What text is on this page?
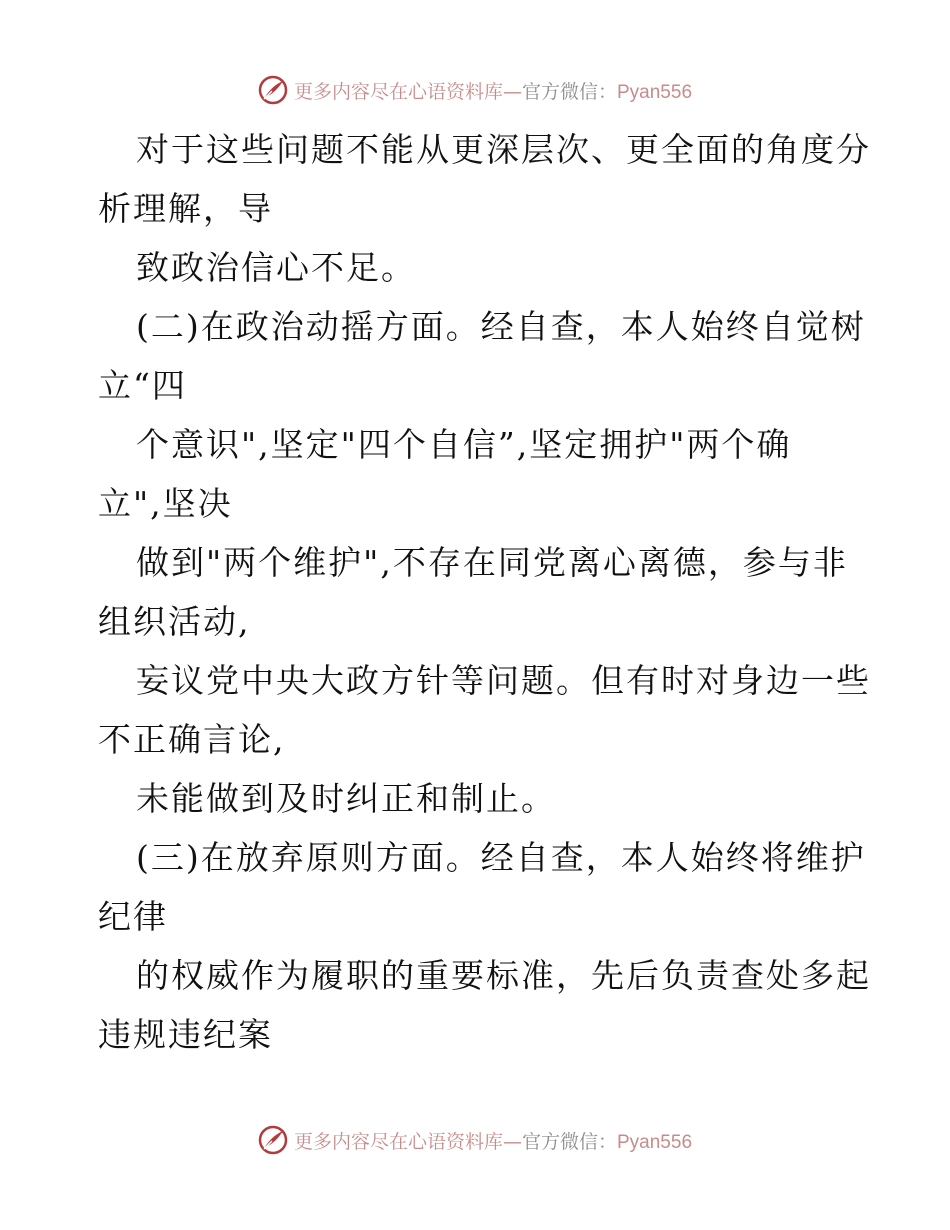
更多内容尽在心语资料库—官方微信：Pyan556
对于这些问题不能从更深层次、更全面的角度分
析理解，导
致政治信心不足。
(二)在政治动摇方面。经自查，本人始终自觉树
立“四
个意识",坚定"四个自信”,坚定拥护"两个确
立",坚决
做到"两个维护",不存在同党离心离德，参与非
组织活动,
妄议党中央大政方针等问题。但有时对身边一些
不正确言论,
未能做到及时纠正和制止。
(三)在放弃原则方面。经自查，本人始终将维护
纪律
的权威作为履职的重要标准，先后负责查处多起
违规违纪案
更多内容尽在心语资料库—官方微信：Pyan556
